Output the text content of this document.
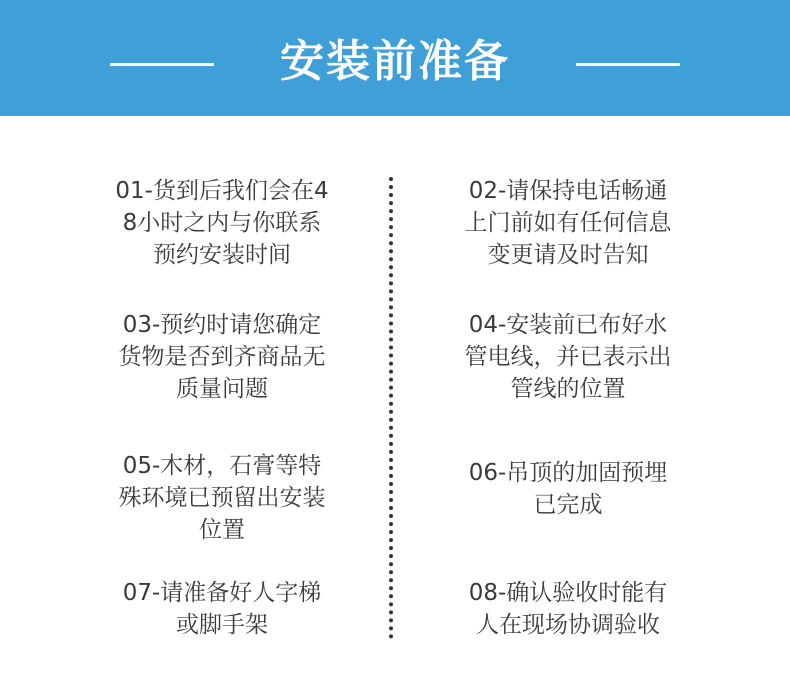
安装前准备
01-货到后我们会在4
8小时之内与你联系
预约安装时间
02-请保持电话畅通
上门前如有任何信息
变更请及时告知
03-预约时请您确定
货物是否到齐商品无
质量问题
04-安装前已布好水
管电线，并已表示出
管线的位置
05-木材，石膏等特
殊环境已预留出安装
位置
06-吊顶的加固预埋
已完成
07-请准备好人字梯
或脚手架
08-确认验收时能有
人在现场协调验收
